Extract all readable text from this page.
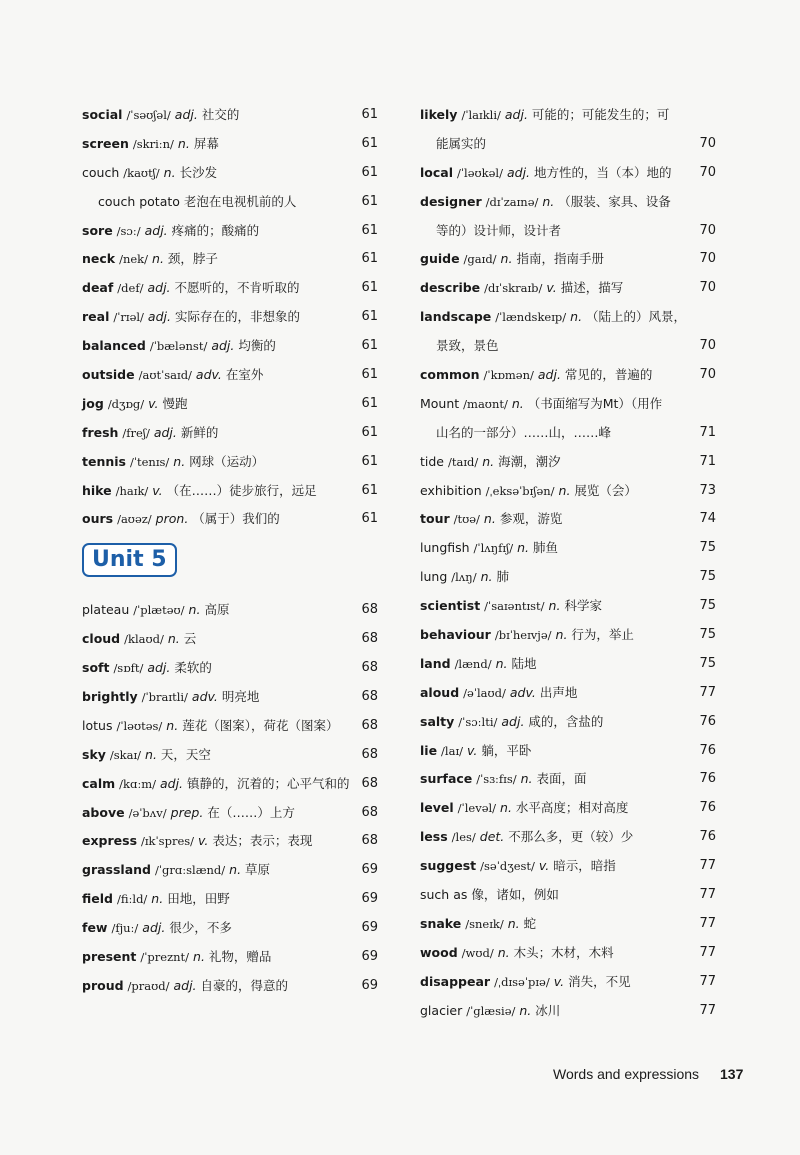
social /ˈsəʊʃəl/ adj. 社交的	61
screen /skriːn/ n. 屏幕	61
couch /kaʊtʃ/ n. 长沙发	61
couch potato 老泡在电视机前的人	61
sore /sɔː/ adj. 疼痛的；酸痛的	61
neck /nek/ n. 颈，脖子	61
deaf /def/ adj. 不愿听的，不肯听取的	61
real /ˈrɪəl/ adj. 实际存在的，非想象的	61
balanced /ˈbælənst/ adj. 均衡的	61
outside /aʊtˈsaɪd/ adv. 在室外	61
jog /dʒɒg/ v. 慢跑	61
fresh /freʃ/ adj. 新鲜的	61
tennis /ˈtenɪs/ n. 网球（运动）	61
hike /haɪk/ v. （在……）徒步旅行，远足	61
ours /aʊəz/ pron. （属于）我们的	61
Unit 5
plateau /ˈplætəʊ/ n. 高原	68
cloud /klaʊd/ n. 云	68
soft /sɒft/ adj. 柔软的	68
brightly /ˈbraɪtli/ adv. 明亮地	68
lotus /ˈləʊtəs/ n. 莲花（图案），荷花（图案） 68
sky /skaɪ/ n. 天，天空	68
calm /kɑːm/ adj. 镇静的，沉着的；心平气和的 68
above /əˈbʌv/ prep. 在（……）上方	68
express /ɪkˈspres/ v. 表达；表示；表现	68
grassland /ˈgrɑːslænd/ n. 草原	69
field /fiːld/ n. 田地，田野	69
few /fjuː/ adj. 很少，不多	69
present /ˈpreznt/ n. 礼物，赠品	69
proud /praʊd/ adj. 自豪的，得意的	69
likely /ˈlaɪkli/ adj. 可能的；可能发生的；可
能属实的	70
local /ˈləʊkəl/ adj. 地方性的，当（本）地的 70
designer /dɪˈzaɪnə/ n. （服装、家具、设备
等的）设计师，设计者	70
guide /gaɪd/ n. 指南，指南手册	70
describe /dɪˈskraɪb/ v. 描述，描写	70
landscape /ˈlændskeɪp/ n. （陆上的）风景，
景致，景色	70
common /ˈkɒmən/ adj. 常见的，普遍的	70
Mount /maʊnt/ n. （书面缩写为Mt）（用作
山名的一部分）……山，……峰	71
tide /taɪd/ n. 海潮，潮汐	71
exhibition /ˌeksəˈbɪʃən/ n. 展览（会）	73
tour /tʊə/ n. 参观，游览	74
lungfish /ˈlʌŋfɪʃ/ n. 肺鱼	75
lung /lʌŋ/ n. 肺	75
scientist /ˈsaɪəntɪst/ n. 科学家	75
behaviour /bɪˈheɪvjə/ n. 行为，举止	75
land /lænd/ n. 陆地	75
aloud /əˈlaʊd/ adv. 出声地	77
salty /ˈsɔːlti/ adj. 咸的，含盐的	76
lie /laɪ/ v. 躺，平卧	76
surface /ˈsɜːfɪs/ n. 表面，面	76
level /ˈlevəl/ n. 水平高度；相对高度	76
less /les/ det. 不那么多，更（较）少	76
suggest /səˈdʒest/ v. 暗示，暗指	77
such as 像，诸如，例如	77
snake /sneɪk/ n. 蛇	77
wood /wʊd/ n. 木头；木材，木料	77
disappear /ˌdɪsəˈpɪə/ v. 消失，不见	77
glacier /ˈglæsiə/ n. 冰川	77
Words and expressions 137
